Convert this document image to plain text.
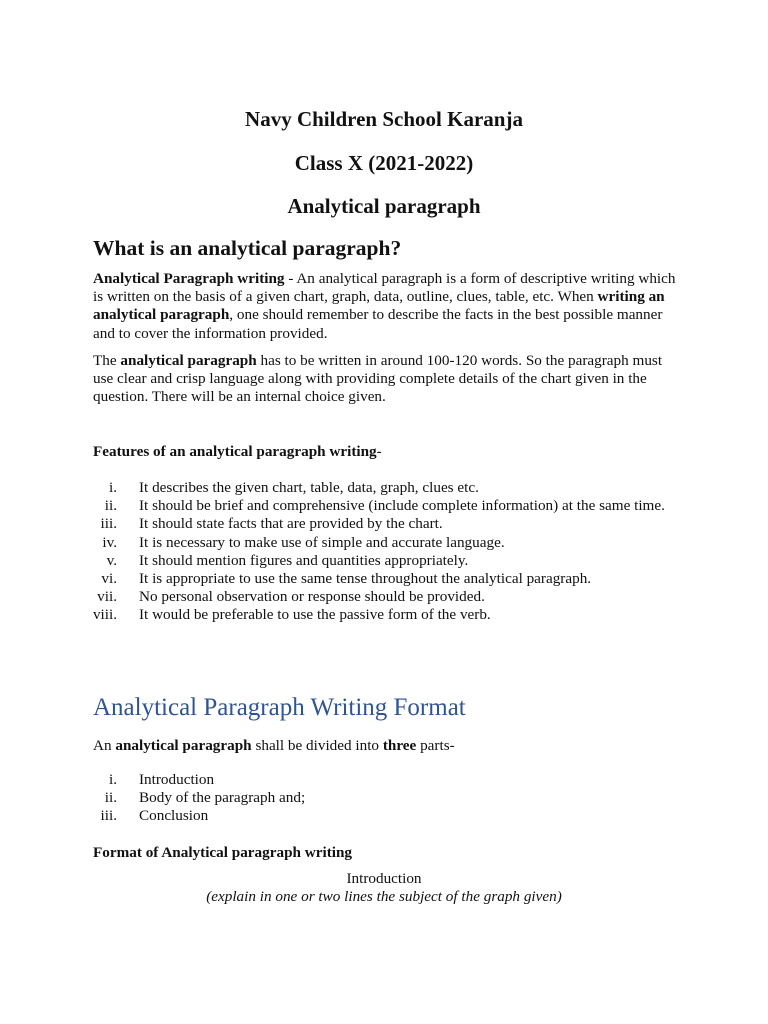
Navy Children School Karanja
Class X (2021-2022)
Analytical paragraph
What is an analytical paragraph?

Analytical Paragraph writing - An analytical paragraph is a form of descriptive writing which is written on the basis of a given chart, graph, data, outline, clues, table, etc. When writing an analytical paragraph, one should remember to describe the facts in the best possible manner and to cover the information provided.

The analytical paragraph has to be written in around 100-120 words. So the paragraph must use clear and crisp language along with providing complete details of the chart given in the question. There will be an internal choice given.

Features of an analytical paragraph writing-

i. It describes the given chart, table, data, graph, clues etc.
ii. It should be brief and comprehensive (include complete information) at the same time.
iii. It should state facts that are provided by the chart.
iv. It is necessary to make use of simple and accurate language.
v. It should mention figures and quantities appropriately.
vi. It is appropriate to use the same tense throughout the analytical paragraph.
vii. No personal observation or response should be provided.
viii. It would be preferable to use the passive form of the verb.
Analytical Paragraph Writing Format

An analytical paragraph shall be divided into three parts-

i. Introduction
ii. Body of the paragraph and;
iii. Conclusion

Format of Analytical paragraph writing

Introduction

(explain in one or two lines the subject of the graph given)
